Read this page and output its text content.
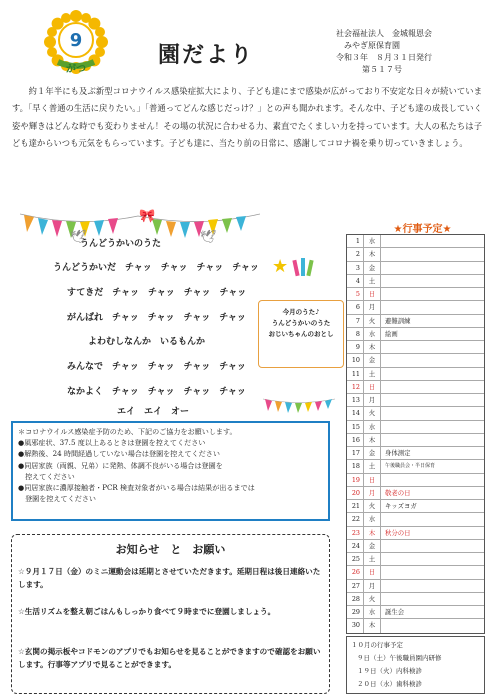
9
がつ
園だより
社会福祉法人　金城報恩会
みやぎ原保育園
令和３年　８月３１日発行
第５１７号
約１年半にも及ぶ新型コロナウイルス感染症拡大により、子ども達にまで感染が広がっており不安定な日々が続いています。「早く普通の生活に戻りたい。」「普通ってどんな感じだっけ？」との声も聞かれます。そんな中、子ども達の成長していく姿や輝きはどんな時でも変わりません！その場の状況に合わせる力、素直でたくましい力を持っています。大人の私たちは子ども達からいつも元気をもらっています。子ども達に、当たり前の日常に、感謝してコロナ禍を乗り切っていきましょう。
🕊	🕊
🎀
うんどうかいのうた
うんどうかいだ　チャッ　チャッ　チャッ　チャッ
すてきだ　チャッ　チャッ　チャッ　チャッ
がんばれ　チャッ　チャッ　チャッ　チャッ
よわむしなんか　いるもんか
みんなで　チャッ　チャッ　チャッ　チャッ
なかよく　チャッ　チャッ　チャッ　チャッ
エイ　エイ　オー
★
今月のうた♪
うんどうかいのうた
おじいちゃんのおとし
＊コロナウイルス感染症予防のため、下記のご協力をお願いします。
●風邪症状、37.5 度以上あるときは登園を控えてください
●解熱後、24 時間経過していない場合は登園を控えてください
●同居家族（両親、兄弟）に発熱、体調不良がいる場合は登園を
　控えてください
●同居家族に濃厚接触者・PCR 検査対象者がいる場合は結果が出るまでは
　登園を控えてください
お知らせ　と　お願い
☆９月１７日（金）のミニ運動会は延期とさせていただきます。延期日程は後日連絡いたします。
☆生活リズムを整え朝ごはんもしっかり食べて９時までに登園しましょう。
☆玄関の掲示板やコドモンのアプリでもお知らせを見ることができますので確認をお願いします。行事等アプリで見ることができます。
★行事予定★
1	水
2	木
3	金
4	土
5	日
6	月
7	火	避難訓練
8	水	絵画
9	木
10	金
11	土
12	日
13	月
14	火
15	水
16	木
17	金	身体測定
18	土	午後職員会・半日保育
19	日
20	月	敬老の日
21	火	キッズヨガ
22	水
23	木	秋分の日
24	金
25	土
26	日
27	月
28	火
29	水	誕生会
30	木
１０月の行事予定
９日（土）午後職員園内研修
１９日（火）内科検診
２０日（水）歯科検診
